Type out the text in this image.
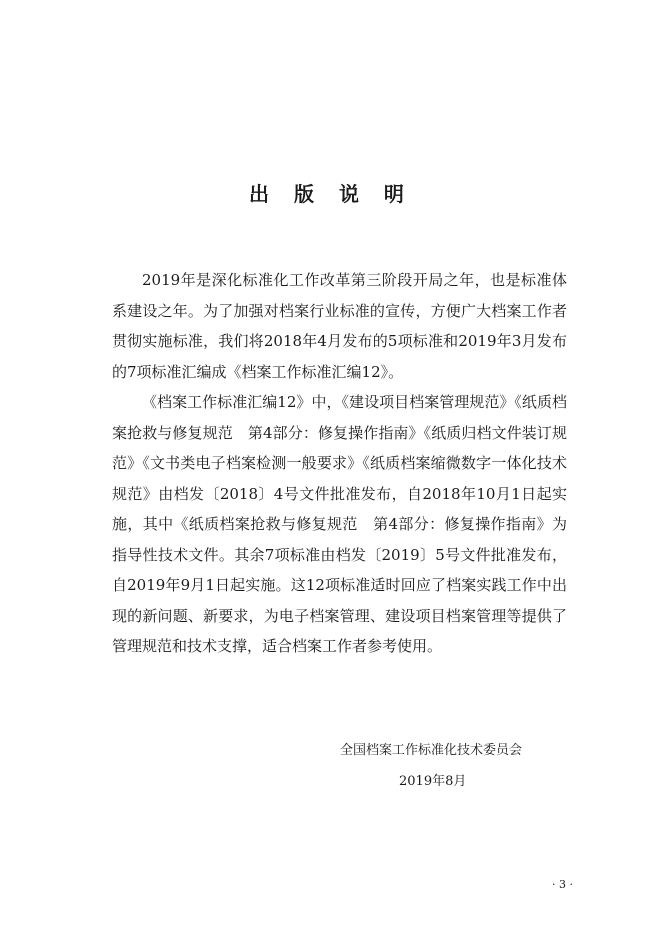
出 版 说 明

2019年是深化标准化工作改革第三阶段开局之年，也是标准体系建设之年。为了加强对档案行业标准的宣传，方便广大档案工作者贯彻实施标准，我们将2018年4月发布的5项标准和2019年3月发布的7项标准汇编成《档案工作标准汇编12》。

《档案工作标准汇编12》中，《建设项目档案管理规范》《纸质档案抢救与修复规范　第4部分：修复操作指南》《纸质归档文件装订规范》《文书类电子档案检测一般要求》《纸质档案缩微数字一体化技术规范》由档发〔2018〕4号文件批准发布，自2018年10月1日起实施，其中《纸质档案抢救与修复规范　第4部分：修复操作指南》为指导性技术文件。其余7项标准由档发〔2019〕5号文件批准发布，自2019年9月1日起实施。这12项标准适时回应了档案实践工作中出现的新问题、新要求，为电子档案管理、建设项目档案管理等提供了管理规范和技术支撑，适合档案工作者参考使用。

全国档案工作标准化技术委员会
2019年8月
· 3 ·
